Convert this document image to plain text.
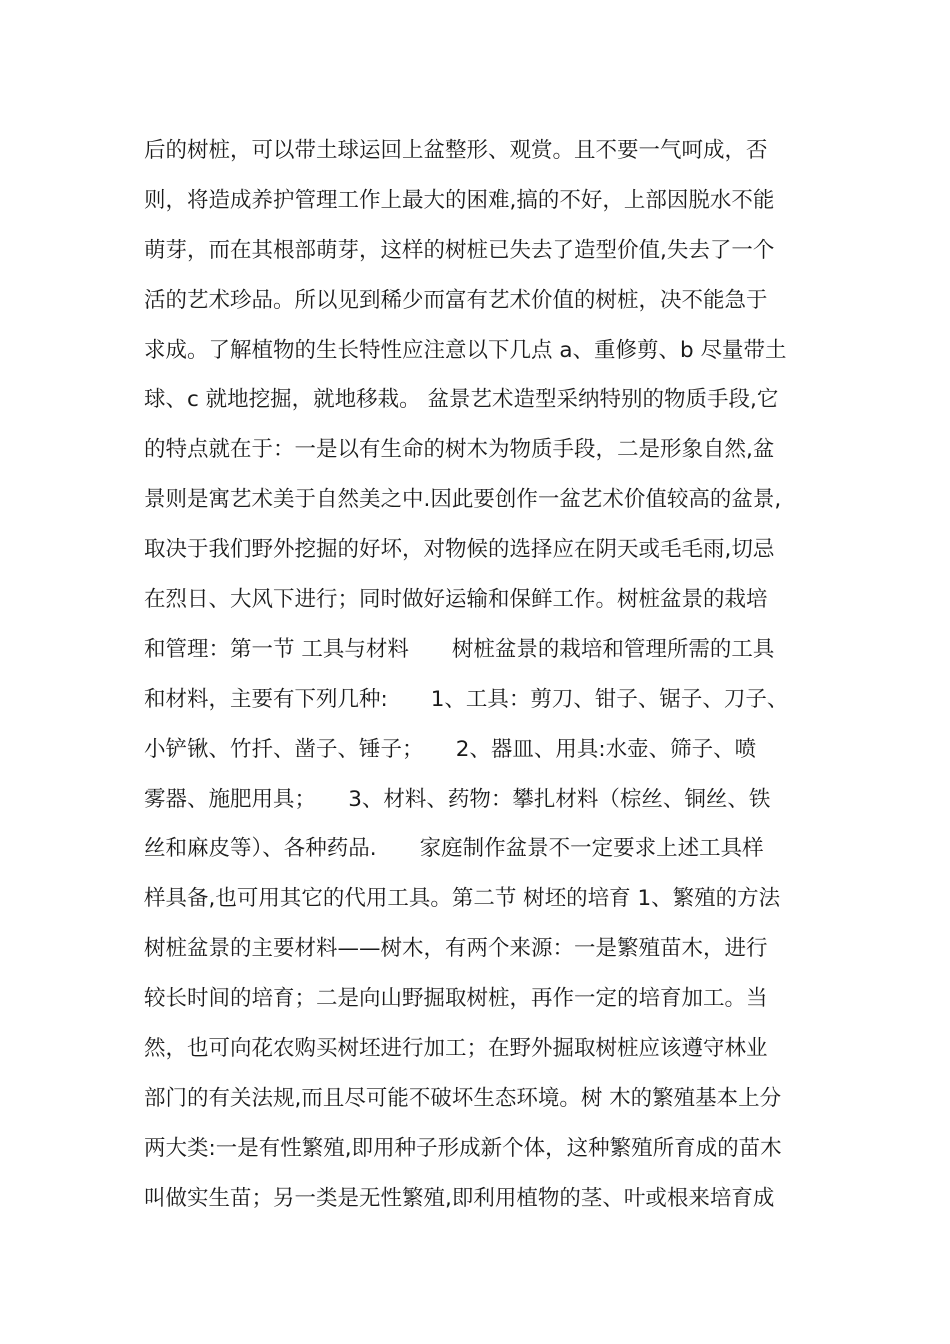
后的树桩，可以带土球运回上盆整形、观赏。且不要一气呵成，否
则，将造成养护管理工作上最大的困难,搞的不好，上部因脱水不能
萌芽，而在其根部萌芽，这样的树桩已失去了造型价值,失去了一个
活的艺术珍品。所以见到稀少而富有艺术价值的树桩，决不能急于
求成。了解植物的生长特性应注意以下几点 a、重修剪、b 尽量带土
球、c 就地挖掘，就地移栽。 盆景艺术造型采纳特别的物质手段,它
的特点就在于：一是以有生命的树木为物质手段，二是形象自然,盆
景则是寓艺术美于自然美之中.因此要创作一盆艺术价值较高的盆景,
取决于我们野外挖掘的好坏，对物候的选择应在阴天或毛毛雨,切忌
在烈日、大风下进行；同时做好运输和保鲜工作。树桩盆景的栽培
和管理：第一节 工具与材料　　树桩盆景的栽培和管理所需的工具
和材料，主要有下列几种:　　1、工具：剪刀、钳子、锯子、刀子、
小铲锹、竹扦、凿子、锤子；　　2、器皿、用具:水壶、筛子、喷
雾器、施肥用具；　　3、材料、药物：攀扎材料（棕丝、铜丝、铁
丝和麻皮等）、各种药品.　　家庭制作盆景不一定要求上述工具样
样具备,也可用其它的代用工具。第二节 树坯的培育 1、繁殖的方法
树桩盆景的主要材料——树木，有两个来源：一是繁殖苗木，进行
较长时间的培育；二是向山野掘取树桩，再作一定的培育加工。当
然，也可向花农购买树坯进行加工；在野外掘取树桩应该遵守林业
部门的有关法规,而且尽可能不破坏生态环境。树 木的繁殖基本上分
两大类:一是有性繁殖,即用种子形成新个体，这种繁殖所育成的苗木
叫做实生苗；另一类是无性繁殖,即利用植物的茎、叶或根来培育成
